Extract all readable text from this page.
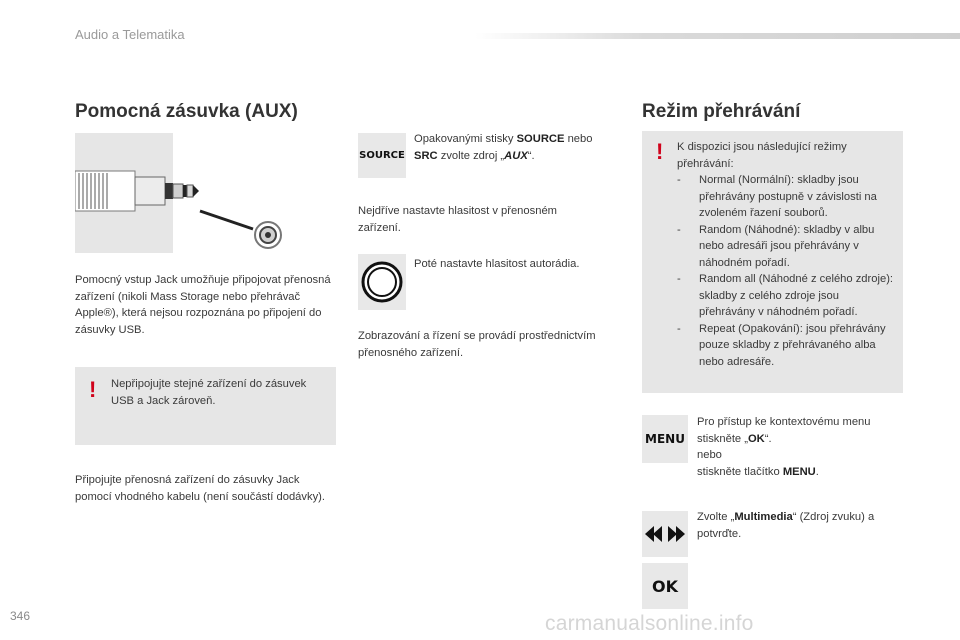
Audio a Telematika
Pomocná zásuvka (AUX)
Pomocný vstup Jack umožňuje připojovat přenosná zařízení (nikoli Mass Storage nebo přehrávač Apple®), která nejsou rozpoznána po připojení do zásuvky USB.
! Nepřipojujte stejné zařízení do zásuvek USB a Jack zároveň.
Připojujte přenosná zařízení do zásuvky Jack pomocí vhodného kabelu (není součástí dodávky).
SOURCE
Opakovanými stisky SOURCE nebo
SRC zvolte zdroj „AUX“.
Nejdříve nastavte hlasitost v přenosném zařízení.
Poté nastavte hlasitost autorádia.
Zobrazování a řízení se provádí prostřednictvím přenosného zařízení.
Režim přehrávání
! K dispozici jsou následující režimy přehrávání:
- Normal (Normální): skladby jsou přehrávány postupně v závislosti na zvoleném řazení souborů.
- Random (Náhodné): skladby v albu nebo adresáři jsou přehrávány v náhodném pořadí.
- Random all (Náhodné z celého zdroje): skladby z celého zdroje jsou přehrávány v náhodném pořadí.
- Repeat (Opakování): jsou přehrávány pouze skladby z přehrávaného alba nebo adresáře.
MENU
Pro přístup ke kontextovému menu stiskněte „OK“.
nebo
stiskněte tlačítko MENU.
Zvolte „Multimedia“ (Zdroj zvuku) a potvrďte.
OK
346	carmanualsonline.info
